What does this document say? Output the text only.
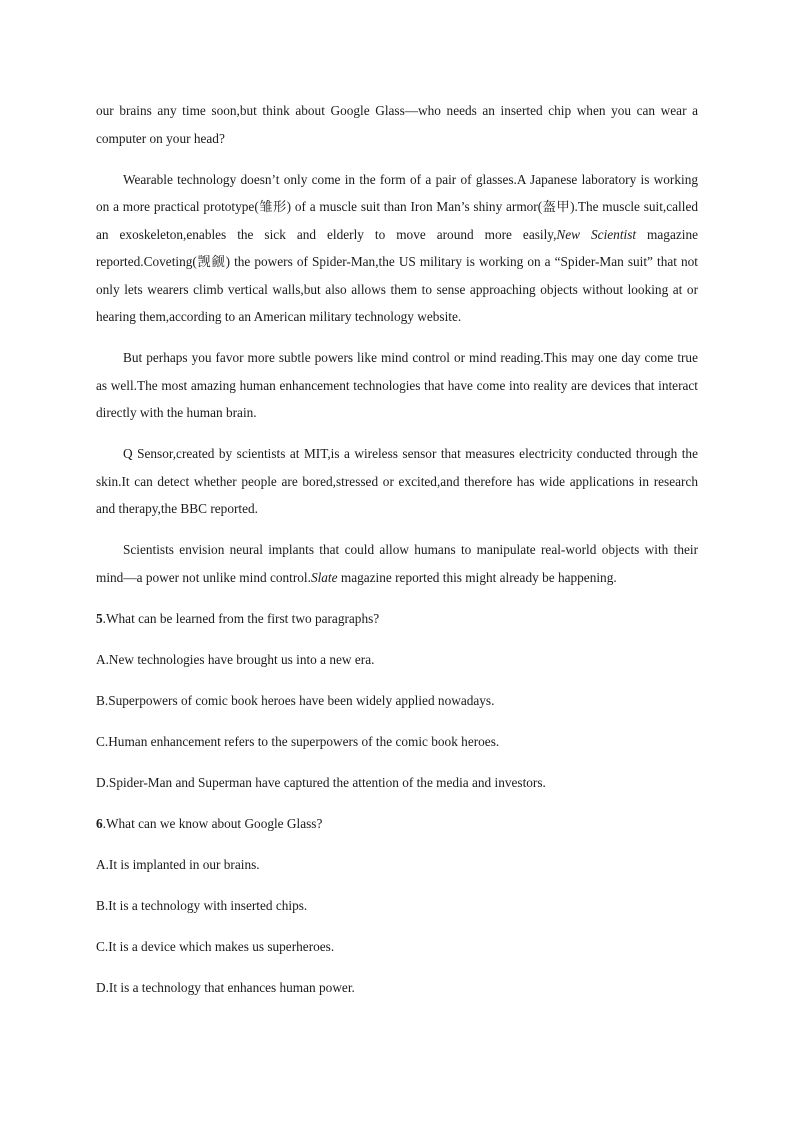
our brains any time soon,but think about Google Glass—who needs an inserted chip when you can wear a computer on your head?

Wearable technology doesn’t only come in the form of a pair of glasses.A Japanese laboratory is working on a more practical prototype(雏形) of a muscle suit than Iron Man’s shiny armor(盔甲).The muscle suit,called an exoskeleton,enables the sick and elderly to move around more easily,New Scientist magazine reported.Coveting(觊觎) the powers of Spider-Man,the US military is working on a “Spider-Man suit” that not only lets wearers climb vertical walls,but also allows them to sense approaching objects without looking at or hearing them,according to an American military technology website.

But perhaps you favor more subtle powers like mind control or mind reading.This may one day come true as well.The most amazing human enhancement technologies that have come into reality are devices that interact directly with the human brain.

Q Sensor,created by scientists at MIT,is a wireless sensor that measures electricity conducted through the skin.It can detect whether people are bored,stressed or excited,and therefore has wide applications in research and therapy,the BBC reported.

Scientists envision neural implants that could allow humans to manipulate real-world objects with their mind—a power not unlike mind control.Slate magazine reported this might already be happening.

5.What can be learned from the first two paragraphs?

A.New technologies have brought us into a new era.

B.Superpowers of comic book heroes have been widely applied nowadays.

C.Human enhancement refers to the superpowers of the comic book heroes.

D.Spider-Man and Superman have captured the attention of the media and investors.

6.What can we know about Google Glass?

A.It is implanted in our brains.

B.It is a technology with inserted chips.

C.It is a device which makes us superheroes.

D.It is a technology that enhances human power.
